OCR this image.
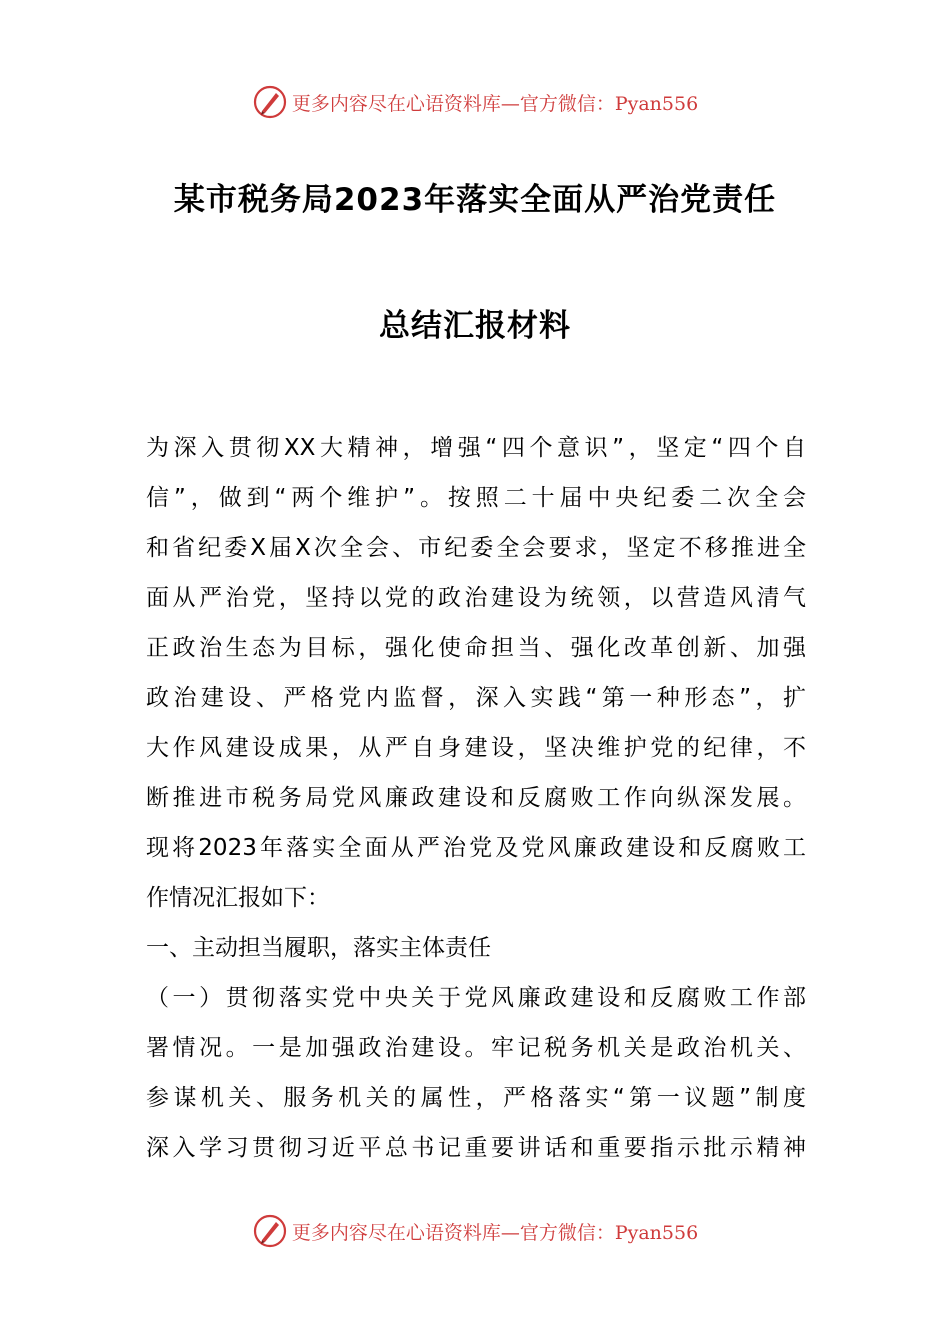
更多内容尽在心语资料库—官方微信：Pyan556
某市税务局2023年落实全面从严治党责任
总结汇报材料
为深入贯彻XX大精神，增强“四个意识”，坚定“四个自
信”，做到“两个维护”。按照二十届中央纪委二次全会
和省纪委X届X次全会、市纪委全会要求，坚定不移推进全
面从严治党，坚持以党的政治建设为统领，以营造风清气
正政治生态为目标，强化使命担当、强化改革创新、加强
政治建设、严格党内监督，深入实践“第一种形态”，扩
大作风建设成果，从严自身建设，坚决维护党的纪律，不
断推进市税务局党风廉政建设和反腐败工作向纵深发展。
现将2023年落实全面从严治党及党风廉政建设和反腐败工
作情况汇报如下：
一、主动担当履职，落实主体责任
（一）贯彻落实党中央关于党风廉政建设和反腐败工作部
署情况。一是加强政治建设。牢记税务机关是政治机关、
参谋机关、服务机关的属性，严格落实“第一议题”制度
深入学习贯彻习近平总书记重要讲话和重要指示批示精神
更多内容尽在心语资料库—官方微信：Pyan556
